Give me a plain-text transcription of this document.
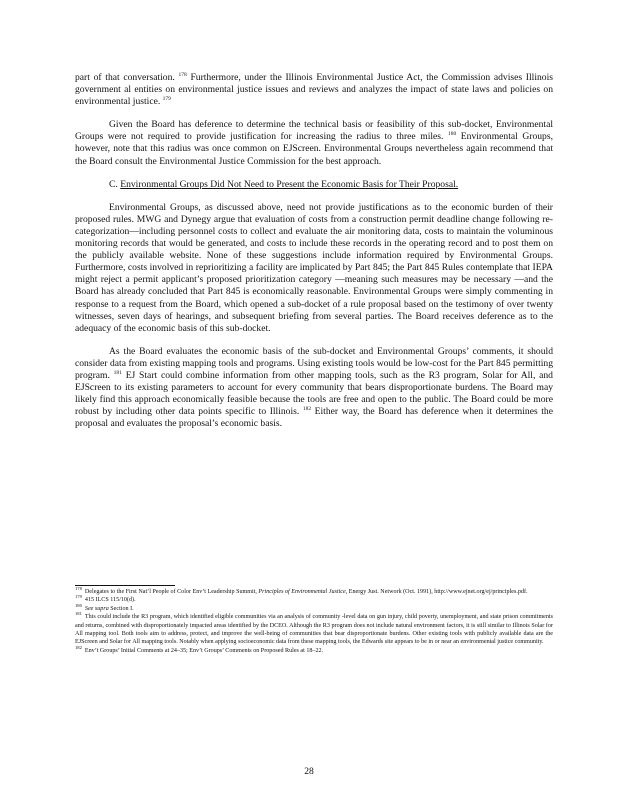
part of that conversation. $^{178}$ Furthermore, under the Illinois Environmental Justice Act, the Commission advises Illinois government al entities on environmental justice issues and reviews and analyzes the impact of state laws and policies on environmental justice. $^{179}$

Given the Board has deference to determine the technical basis or feasibility of this sub-docket, Environmental Groups were not required to provide justification for increasing the radius to three miles. $^{180}$ Environmental Groups, however, note that this radius was once common on EJScreen. Environmental Groups nevertheless again recommend that the Board consult the Environmental Justice Commission for the best approach.

C. Environmental Groups Did Not Need to Present the Economic Basis for Their Proposal.

Environmental Groups, as discussed above, need not provide justifications as to the economic burden of their proposed rules. MWG and Dynegy argue that evaluation of costs from a construction permit deadline change following re-categorization—including personnel costs to collect and evaluate the air monitoring data, costs to maintain the voluminous monitoring records that would be generated, and costs to include these records in the operating record and to post them on the publicly available website. None of these suggestions include information required by Environmental Groups. Furthermore, costs involved in reprioritizing a facility are implicated by Part 845; the Part 845 Rules contemplate that IEPA might reject a permit applicant’s proposed prioritization category —meaning such measures may be necessary —and the Board has already concluded that Part 845 is economically reasonable. Environmental Groups were simply commenting in response to a request from the Board, which opened a sub-docket of a rule proposal based on the testimony of over twenty witnesses, seven days of hearings, and subsequent briefing from several parties. The Board receives deference as to the adequacy of the economic basis of this sub-docket.

As the Board evaluates the economic basis of the sub-docket and Environmental Groups’ comments, it should consider data from existing mapping tools and programs. Using existing tools would be low-cost for the Part 845 permitting program. $^{181}$ EJ Start could combine information from other mapping tools, such as the R3 program, Solar for All, and EJScreen to its existing parameters to account for every community that bears disproportionate burdens. The Board may likely find this approach economically feasible because the tools are free and open to the public. The Board could be more robust by including other data points specific to Illinois. $^{182}$ Either way, the Board has deference when it determines the proposal and evaluates the proposal’s economic basis.

$^{178}$Delegates to the First Nat’l People of Color Env’t Leadership Summit, Principles of Environmental Justice, Energy Just. Network (Oct. 1991), http://www.ejnet.org/ej/principles.pdf.

$^{179}$415 ILCS 115/10(d).

$^{180}$See supra Section I.

$^{181}$This could include the R3 program, which identified eligible communities via an analysis of community -level data on gun injury, child poverty, unemployment, and state prison commitments and returns, combined with disproportionately impacted areas identified by the DCEO. Although the R3 program does not include natural environment factors, it is still similar to Illinois Solar for All mapping tool. Both tools aim to address, protect, and improve the well-being of communities that bear disproportionate burdens. Other existing tools with publicly available data are the EJScreen and Solar for All mapping tools. Notably when applying socioeconomic data from these mapping tools, the Edwards site appears to be in or near an environmental justice community.

$^{182}$Env’t Groups’ Initial Comments at 24–35; Env’t Groups’ Comments on Proposed Rules at 18–22.

28
